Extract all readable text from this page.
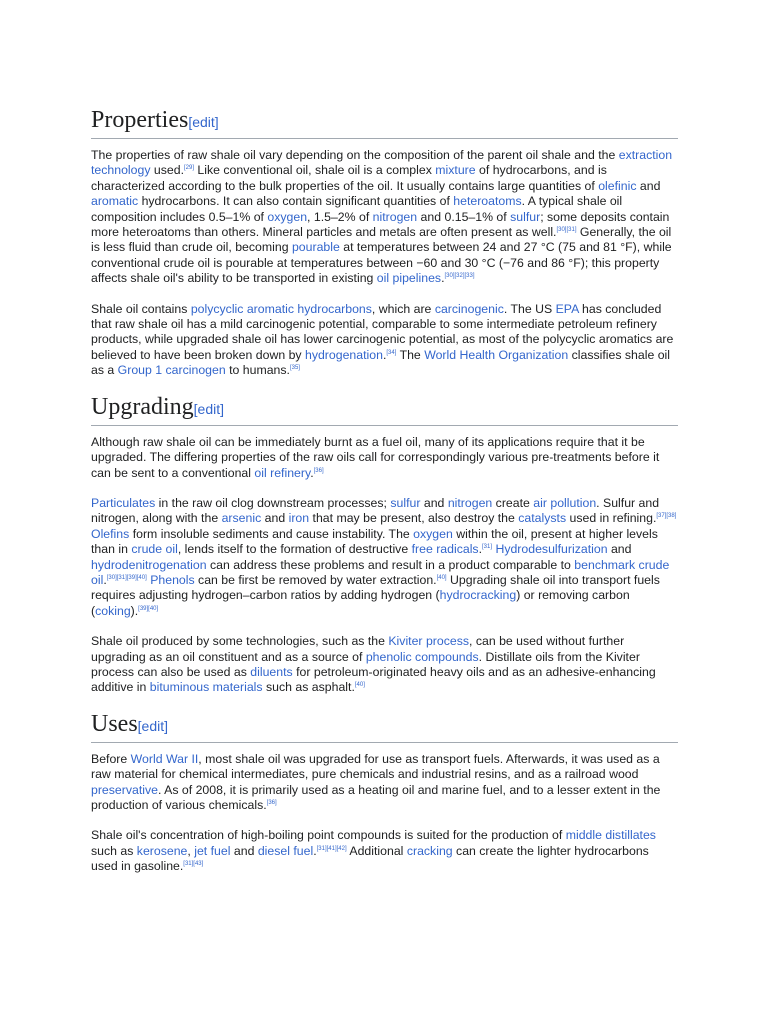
Properties[edit]

The properties of raw shale oil vary depending on the composition of the parent oil shale and the extraction technology used.[29] Like conventional oil, shale oil is a complex mixture of hydrocarbons, and is characterized according to the bulk properties of the oil. It usually contains large quantities of olefinic and aromatic hydrocarbons. It can also contain significant quantities of heteroatoms. A typical shale oil composition includes 0.5–1% of oxygen, 1.5–2% of nitrogen and 0.15–1% of sulfur; some deposits contain more heteroatoms than others. Mineral particles and metals are often present as well.[30][31] Generally, the oil is less fluid than crude oil, becoming pourable at temperatures between 24 and 27 °C (75 and 81 °F), while conventional crude oil is pourable at temperatures between −60 and 30 °C (−76 and 86 °F); this property affects shale oil's ability to be transported in existing oil pipelines.[30][32][33]

Shale oil contains polycyclic aromatic hydrocarbons, which are carcinogenic. The US EPA has concluded that raw shale oil has a mild carcinogenic potential, comparable to some intermediate petroleum refinery products, while upgraded shale oil has lower carcinogenic potential, as most of the polycyclic aromatics are believed to have been broken down by hydrogenation.[34] The World Health Organization classifies shale oil as a Group 1 carcinogen to humans.[35]

Upgrading[edit]

Although raw shale oil can be immediately burnt as a fuel oil, many of its applications require that it be upgraded. The differing properties of the raw oils call for correspondingly various pre-treatments before it can be sent to a conventional oil refinery.[36]

Particulates in the raw oil clog downstream processes; sulfur and nitrogen create air pollution. Sulfur and nitrogen, along with the arsenic and iron that may be present, also destroy the catalysts used in refining.[37][38] Olefins form insoluble sediments and cause instability. The oxygen within the oil, present at higher levels than in crude oil, lends itself to the formation of destructive free radicals.[31] Hydrodesulfurization and hydrodenitrogenation can address these problems and result in a product comparable to benchmark crude oil.[30][31][39][40] Phenols can be first be removed by water extraction.[40] Upgrading shale oil into transport fuels requires adjusting hydrogen–carbon ratios by adding hydrogen (hydrocracking) or removing carbon (coking).[39][40]

Shale oil produced by some technologies, such as the Kiviter process, can be used without further upgrading as an oil constituent and as a source of phenolic compounds. Distillate oils from the Kiviter process can also be used as diluents for petroleum-originated heavy oils and as an adhesive-enhancing additive in bituminous materials such as asphalt.[40]

Uses[edit]

Before World War II, most shale oil was upgraded for use as transport fuels. Afterwards, it was used as a raw material for chemical intermediates, pure chemicals and industrial resins, and as a railroad wood preservative. As of 2008, it is primarily used as a heating oil and marine fuel, and to a lesser extent in the production of various chemicals.[36]

Shale oil's concentration of high-boiling point compounds is suited for the production of middle distillates such as kerosene, jet fuel and diesel fuel.[31][41][42] Additional cracking can create the lighter hydrocarbons used in gasoline.[31][43]
